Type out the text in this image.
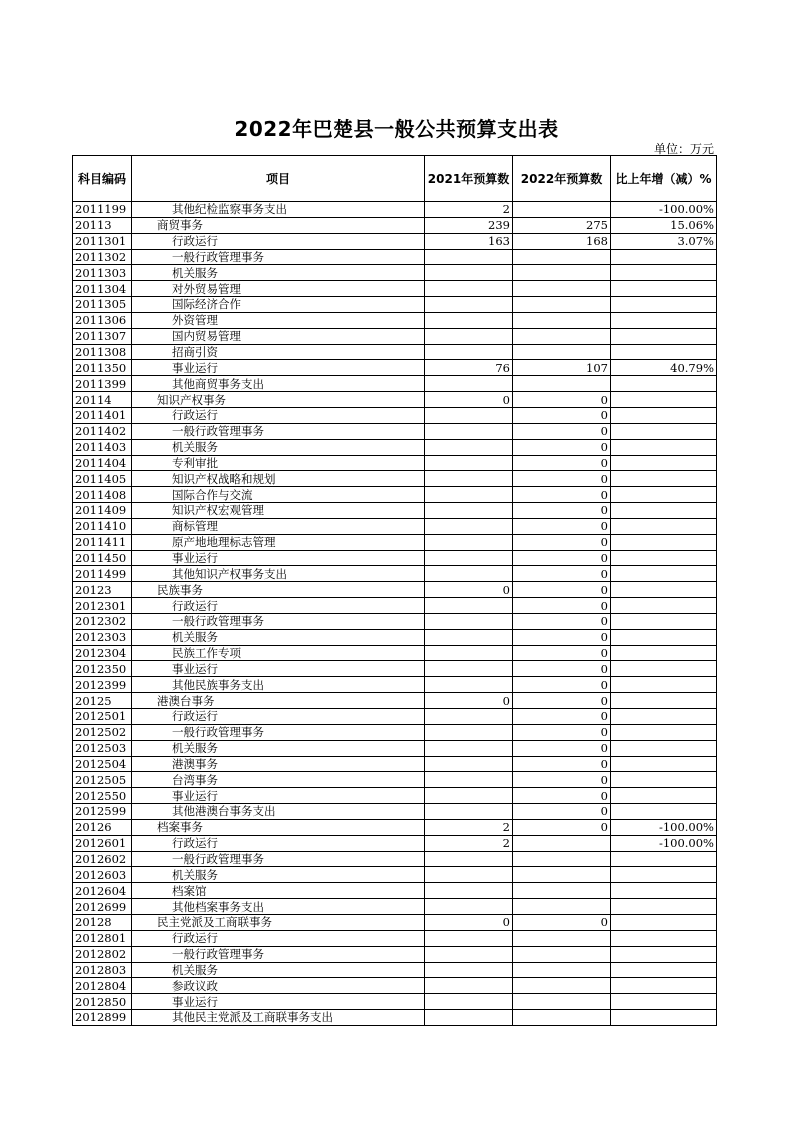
2022年巴楚县一般公共预算支出表
单位：万元
科目编码	项目	2021年预算数	2022年预算数	比上年增（减）%
2011199	其他纪检监察事务支出	2		-100.00%
20113	商贸事务	239	275	15.06%
2011301	行政运行	163	168	3.07%
2011302	一般行政管理事务			
2011303	机关服务			
2011304	对外贸易管理			
2011305	国际经济合作			
2011306	外资管理			
2011307	国内贸易管理			
2011308	招商引资			
2011350	事业运行	76	107	40.79%
2011399	其他商贸事务支出			
20114	知识产权事务	0	0	
2011401	行政运行		0	
2011402	一般行政管理事务		0	
2011403	机关服务		0	
2011404	专利审批		0	
2011405	知识产权战略和规划		0	
2011408	国际合作与交流		0	
2011409	知识产权宏观管理		0	
2011410	商标管理		0	
2011411	原产地地理标志管理		0	
2011450	事业运行		0	
2011499	其他知识产权事务支出		0	
20123	民族事务	0	0	
2012301	行政运行		0	
2012302	一般行政管理事务		0	
2012303	机关服务		0	
2012304	民族工作专项		0	
2012350	事业运行		0	
2012399	其他民族事务支出		0	
20125	港澳台事务	0	0	
2012501	行政运行		0	
2012502	一般行政管理事务		0	
2012503	机关服务		0	
2012504	港澳事务		0	
2012505	台湾事务		0	
2012550	事业运行		0	
2012599	其他港澳台事务支出		0	
20126	档案事务	2	0	-100.00%
2012601	行政运行	2		-100.00%
2012602	一般行政管理事务			
2012603	机关服务			
2012604	档案馆			
2012699	其他档案事务支出			
20128	民主党派及工商联事务	0	0	
2012801	行政运行			
2012802	一般行政管理事务			
2012803	机关服务			
2012804	参政议政			
2012850	事业运行			
2012899	其他民主党派及工商联事务支出			
